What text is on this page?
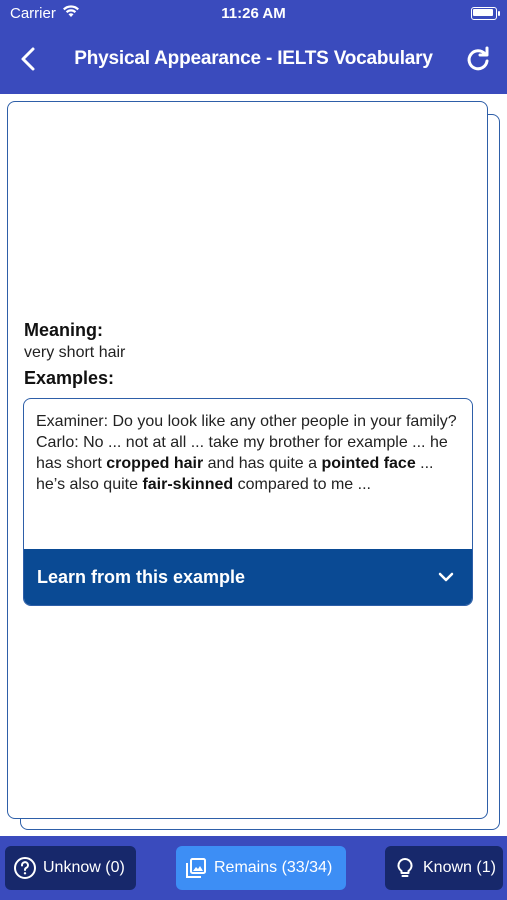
Carrier	11:26 AM
Physical Appearance - IELTS Vocabulary
Meaning:
very short hair
Examples:
Examiner: Do you look like any other people in your family?
Carlo: No ... not at all ... take my brother for example ... he has short cropped hair and has quite a pointed face ... he’s also quite fair-skinned compared to me ...
Learn from this example
Unknow (0)	Remains (33/34)	Known (1)
